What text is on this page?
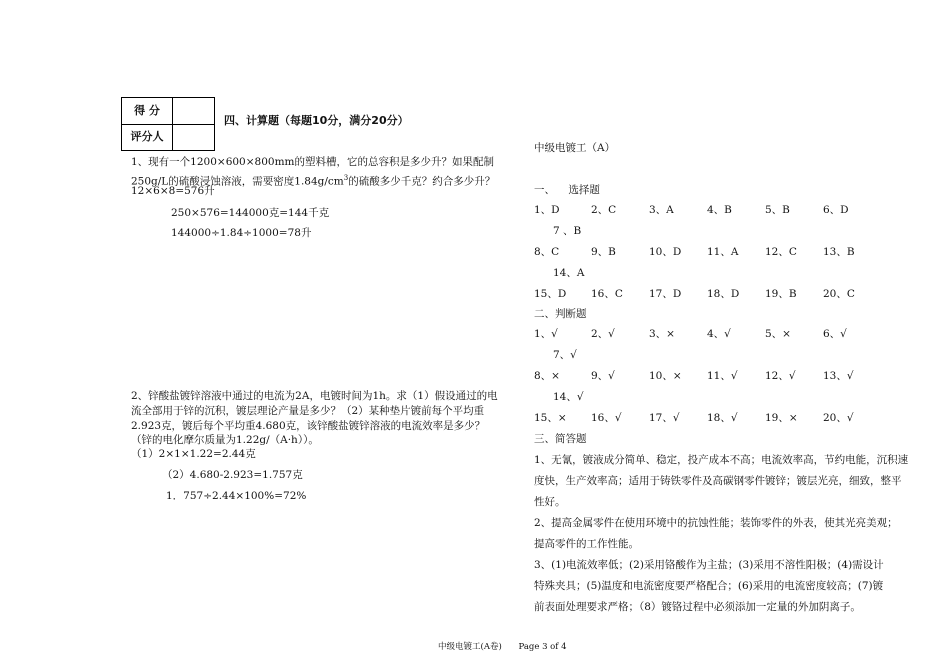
得 分
评分人
四、计算题（每题10分，满分20分）
1、现有一个1200×600×800mm的塑料槽，它的总容积是多少升？如果配制
250g/L的硫酸浸蚀溶液，需要密度$1.84g/cm^3$的硫酸多少千克？约合多少升？
12×6×8=576升
250×576=144000克=144千克
144000÷1.84÷1000=78升
2、锌酸盐镀锌溶液中通过的电流为2A，电镀时间为1h。求（1）假设通过的电
流全部用于锌的沉积，镀层理论产量是多少？（2）某种垫片镀前每个平均重
2.923克，镀后每个平均重4.680克，该锌酸盐镀锌溶液的电流效率是多少？
（锌的电化摩尔质量为1.22g/（A·h））。
（1）2×1×1.22=2.44克
（2）4.680-2.923=1.757克
1．757÷2.44×100%=72%
中级电镀工（A）
一、    选择题
1、D	2、C	3、A	4、B	5、B	6、D
7 、B
8、C	9、B	10、D 11、A	12、C 13、B
14、A
15、D 16、C 17、D 18、D 19、B	20、C
二、判断题
1、√	2、√	3、×	4、√	5、×	6、√
7、√
8、×	9、√	10、× 11、√	12、√	13、√
14、√
15、× 16、√	17、√	18、√	19、× 20、√
三、简答题
1、无氰，镀液成分简单、稳定，投产成本不高；电流效率高，节约电能，沉积速
度快，生产效率高；适用于铸铁零件及高碳钢零件镀锌；镀层光亮，细致，整平
性好。
2、提高金属零件在使用环境中的抗蚀性能；装饰零件的外表，使其光亮美观；
提高零件的工作性能。
3、(1)电流效率低；(2)采用铬酸作为主盐；(3)采用不溶性阳极；(4)需设计
特殊夹具；(5)温度和电流密度要严格配合；(6)采用的电流密度较高；(7)镀
前表面处理要求严格；（8）镀铬过程中必须添加一定量的外加阴离子。
中级电镀工(A卷) Page 3 of 4
